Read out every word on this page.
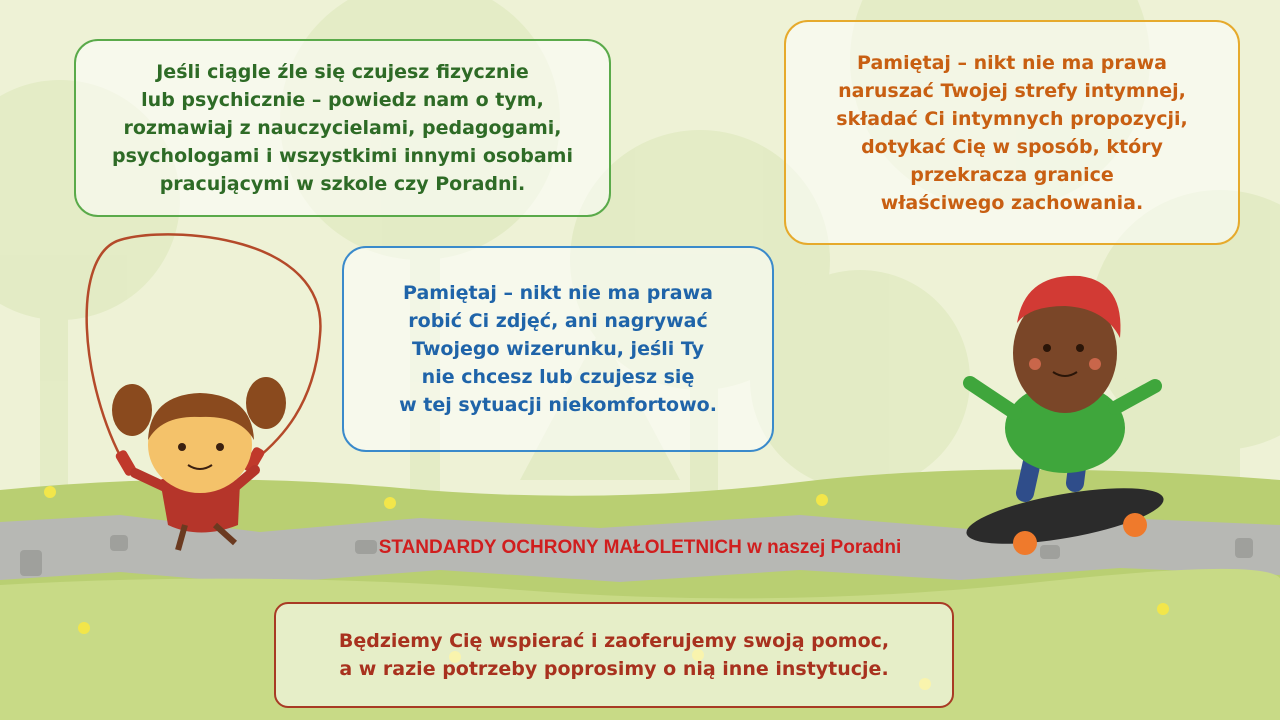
Jeśli ciągle źle się czujesz fizycznie
lub psychicznie – powiedz nam o tym,
rozmawiaj z nauczycielami, pedagogami,
psychologami i wszystkimi innymi osobami
pracującymi w szkole czy Poradni.
Pamiętaj – nikt nie ma prawa
naruszać Twojej strefy intymnej,
składać Ci intymnych propozycji,
dotykać Cię w sposób, który
przekracza granice
właściwego zachowania.
Pamiętaj – nikt nie ma prawa
robić Ci zdjęć, ani nagrywać
Twojego wizerunku, jeśli Ty
nie chcesz lub czujesz się
w tej sytuacji niekomfortowo.
STANDARDY OCHRONY MAŁOLETNICH w naszej Poradni
Będziemy Cię wspierać i zaoferujemy swoją pomoc,
a w razie potrzeby poprosimy o nią inne instytucje.
